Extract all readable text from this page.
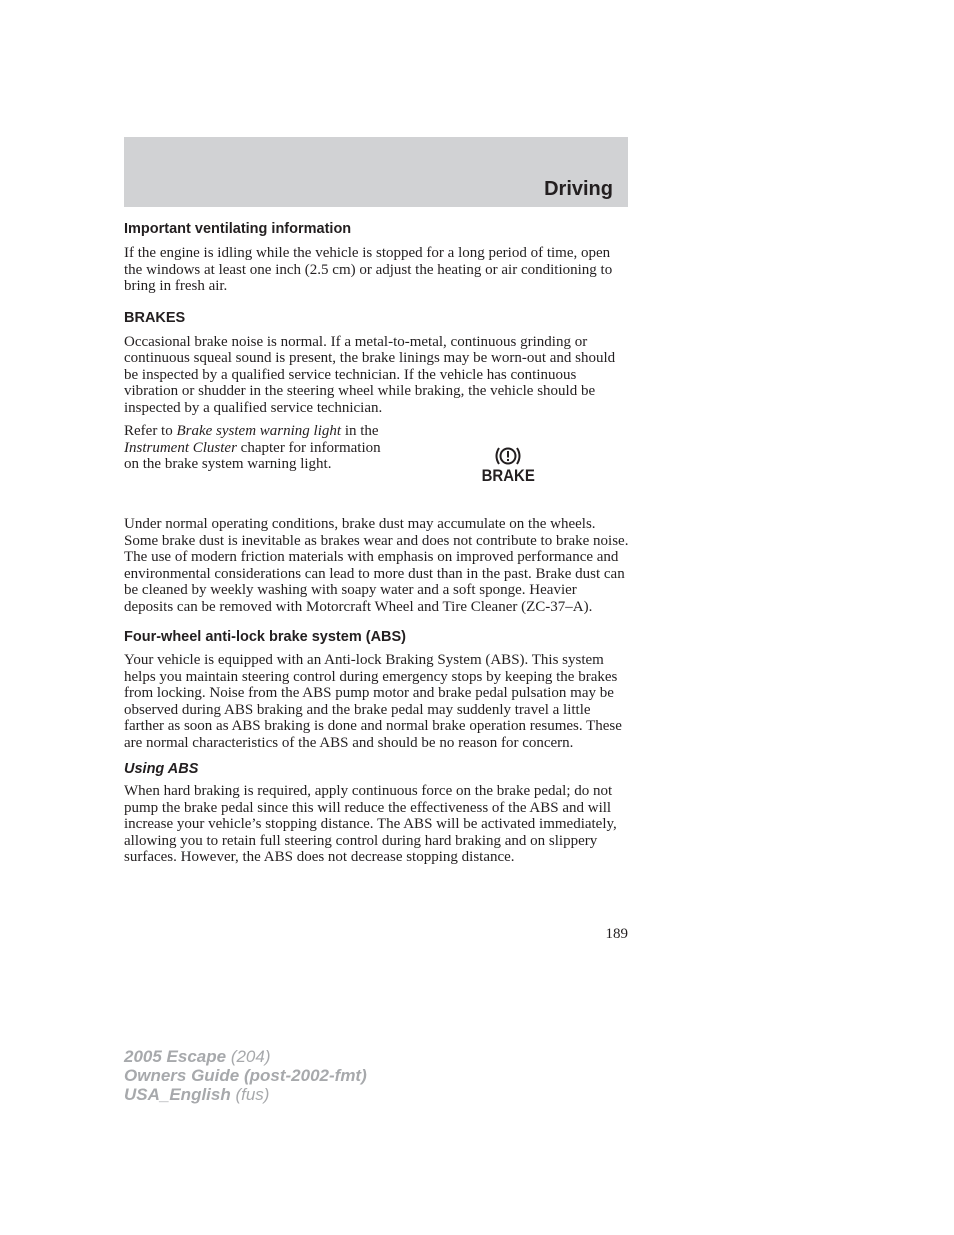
Driving
Important ventilating information

If the engine is idling while the vehicle is stopped for a long period of time, open the windows at least one inch (2.5 cm) or adjust the heating or air conditioning to bring in fresh air.

BRAKES

Occasional brake noise is normal. If a metal-to-metal, continuous grinding or continuous squeal sound is present, the brake linings may be worn-out and should be inspected by a qualified service technician. If the vehicle has continuous vibration or shudder in the steering wheel while braking, the vehicle should be inspected by a qualified service technician.

Refer to Brake system warning light in the Instrument Cluster chapter for information on the brake system warning light.

BRAKE

Under normal operating conditions, brake dust may accumulate on the wheels. Some brake dust is inevitable as brakes wear and does not contribute to brake noise. The use of modern friction materials with emphasis on improved performance and environmental considerations can lead to more dust than in the past. Brake dust can be cleaned by weekly washing with soapy water and a soft sponge. Heavier deposits can be removed with Motorcraft Wheel and Tire Cleaner (ZC-37–A).

Four-wheel anti-lock brake system (ABS)

Your vehicle is equipped with an Anti-lock Braking System (ABS). This system helps you maintain steering control during emergency stops by keeping the brakes from locking. Noise from the ABS pump motor and brake pedal pulsation may be observed during ABS braking and the brake pedal may suddenly travel a little farther as soon as ABS braking is done and normal brake operation resumes. These are normal characteristics of the ABS and should be no reason for concern.

Using ABS

When hard braking is required, apply continuous force on the brake pedal; do not pump the brake pedal since this will reduce the effectiveness of the ABS and will increase your vehicle’s stopping distance. The ABS will be activated immediately, allowing you to retain full steering control during hard braking and on slippery surfaces. However, the ABS does not decrease stopping distance.

189
2005 Escape (204)
Owners Guide (post-2002-fmt)
USA_English (fus)
